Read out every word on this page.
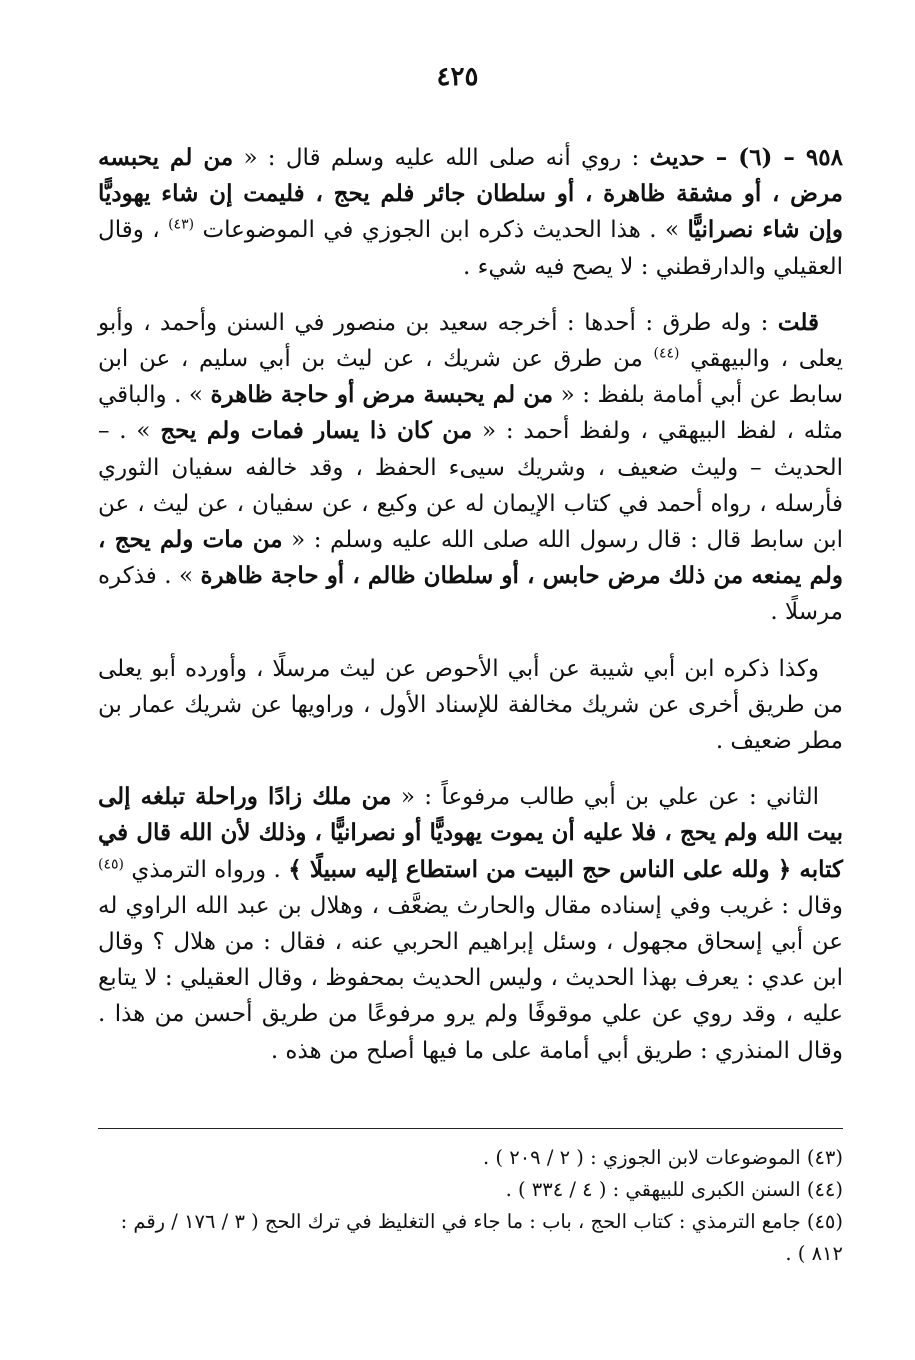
٤٢٥

٩٥٨ – (٦) – حديث : روي أنه صلى الله عليه وسلم قال : « من لم يحبسه مرض ، أو مشقة ظاهرة ، أو سلطان جائر فلم يحج ، فليمت إن شاء يهوديًّا وإن شاء نصرانيًّا » . هذا الحديث ذكره ابن الجوزي في الموضوعات $^{(٤٣)}$ ، وقال العقيلي والدارقطني : لا يصح فيه شيء .

قلت : وله طرق : أحدها : أخرجه سعيد بن منصور في السنن وأحمد ، وأبو يعلى ، والبيهقي $^{(٤٤)}$ من طرق عن شريك ، عن ليث بن أبي سليم ، عن ابن سابط عن أبي أمامة بلفظ : « من لم يحبسة مرض أو حاجة ظاهرة » . والباقي مثله ، لفظ البيهقي ، ولفظ أحمد : « من كان ذا يسار فمات ولم يحج » . – الحديث – وليث ضعيف ، وشريك سيىء الحفظ ، وقد خالفه سفيان الثوري فأرسله ، رواه أحمد في كتاب الإيمان له عن وكيع ، عن سفيان ، عن ليث ، عن ابن سابط قال : قال رسول الله صلى الله عليه وسلم : « من مات ولم يحج ، ولم يمنعه من ذلك مرض حابس ، أو سلطان ظالم ، أو حاجة ظاهرة » . فذكره مرسلًا .

وكذا ذكره ابن أبي شيبة عن أبي الأحوص عن ليث مرسلًا ، وأورده أبو يعلى من طريق أخرى عن شريك مخالفة للإسناد الأول ، وراويها عن شريك عمار بن مطر ضعيف .

الثاني : عن علي بن أبي طالب مرفوعاً : « من ملك زادًا وراحلة تبلغه إلى بيت الله ولم يحج ، فلا عليه أن يموت يهوديًّا أو نصرانيًّا ، وذلك لأن الله قال في كتابه ﴿ ولله على الناس حج البيت من استطاع إليه سبيلًا ﴾ . ورواه الترمذي $^{(٤٥)}$ وقال : غريب وفي إسناده مقال والحارث يضعَّف ، وهلال بن عبد الله الراوي له عن أبي إسحاق مجهول ، وسئل إبراهيم الحربي عنه ، فقال : من هلال ؟ وقال ابن عدي : يعرف بهذا الحديث ، وليس الحديث بمحفوظ ، وقال العقيلي : لا يتابع عليه ، وقد روي عن علي موقوفًا ولم يرو مرفوعًا من طريق أحسن من هذا . وقال المنذري : طريق أبي أمامة على ما فيها أصلح من هذه .

(٤٣) الموضوعات لابن الجوزي : ( ٢ / ٢٠٩ ) .

(٤٤) السنن الكبرى للبيهقي : ( ٤ / ٣٣٤ ) .

(٤٥) جامع الترمذي : كتاب الحج ، باب : ما جاء في التغليظ في ترك الحج ( ٣ / ١٧٦ / رقم : ٨١٢ ) .
